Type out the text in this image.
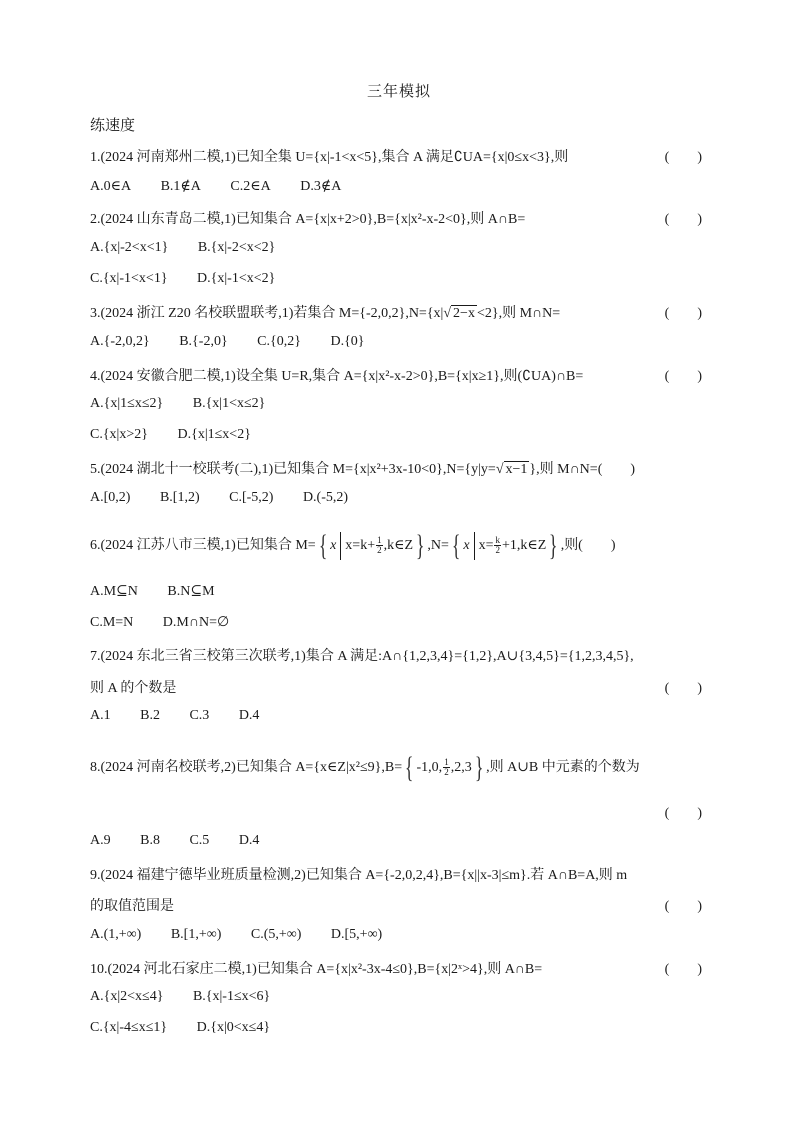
三年模拟
练速度
1.(2024 河南郑州二模,1)已知全集 U={x|-1<x<5},集合 A 满足∁UA={x|0≤x<3},则	(　　)
A.0∈A B.1∉A C.2∈A D.3∉A
2.(2024 山东青岛二模,1)已知集合 A={x|x+2>0},B={x|x²-x-2<0},则 A∩B=	(　　)
A.{x|-2<x<1} B.{x|-2<x<2}
C.{x|-1<x<1} D.{x|-1<x<2}
3.(2024 浙江 Z20 名校联盟联考,1)若集合 M={-2,0,2},N={x|√ 2−x <2},则 M∩N=	(　　)
A.{-2,0,2} B.{-2,0} C.{0,2} D.{0}
4.(2024 安徽合肥二模,1)设全集 U=R,集合 A={x|x²-x-2>0},B={x|x≥1},则(∁UA)∩B=	(　　)
A.{x|1≤x≤2} B.{x|1<x≤2}
C.{x|x>2} D.{x|1≤x<2}
5.(2024 湖北十一校联考(二),1)已知集合 M={x|x²+3x-10<0},N={y|y=√ x−1 },则 M∩N=(　　)
A.[0,2) B.[1,2) C.[-5,2) D.(-5,2)
6.(2024 江苏八市三模,1)已知集合 M={ x $x=k+ \frac{1}{2}$ ,k∈Z} ,N={ x $x= \frac{k}{2}$ +1,k∈Z} ,则(　　)
A.M⊆N B.N⊆M
C.M=N D.M∩N=∅
7.(2024 东北三省三校第三次联考,1)集合 A 满足:A∩{1,2,3,4}={1,2},A∪{3,4,5}={1,2,3,4,5},
则 A 的个数是	(　　)
A.1 B.2 C.3 D.4
8.(2024 河南名校联考,2)已知集合 A={x∈Z|x²≤9},B={ -1,0, $\frac{1}{2} ,2,3$} ,则 A∪B 中元素的个数为
(　　)
A.9 B.8 C.5 D.4
9.(2024 福建宁德毕业班质量检测,2)已知集合 A={-2,0,2,4},B={x||x-3|≤m}.若 A∩B=A,则 m
的取值范围是	(　　)
A.(1,+∞) B.[1,+∞) C.(5,+∞) D.[5,+∞)
10.(2024 河北石家庄二模,1)已知集合 A={x|x²-3x-4≤0},B={x|2ˣ>4},则 A∩B=	(　　)
A.{x|2<x≤4} B.{x|-1≤x<6}
C.{x|-4≤x≤1} D.{x|0<x≤4}
